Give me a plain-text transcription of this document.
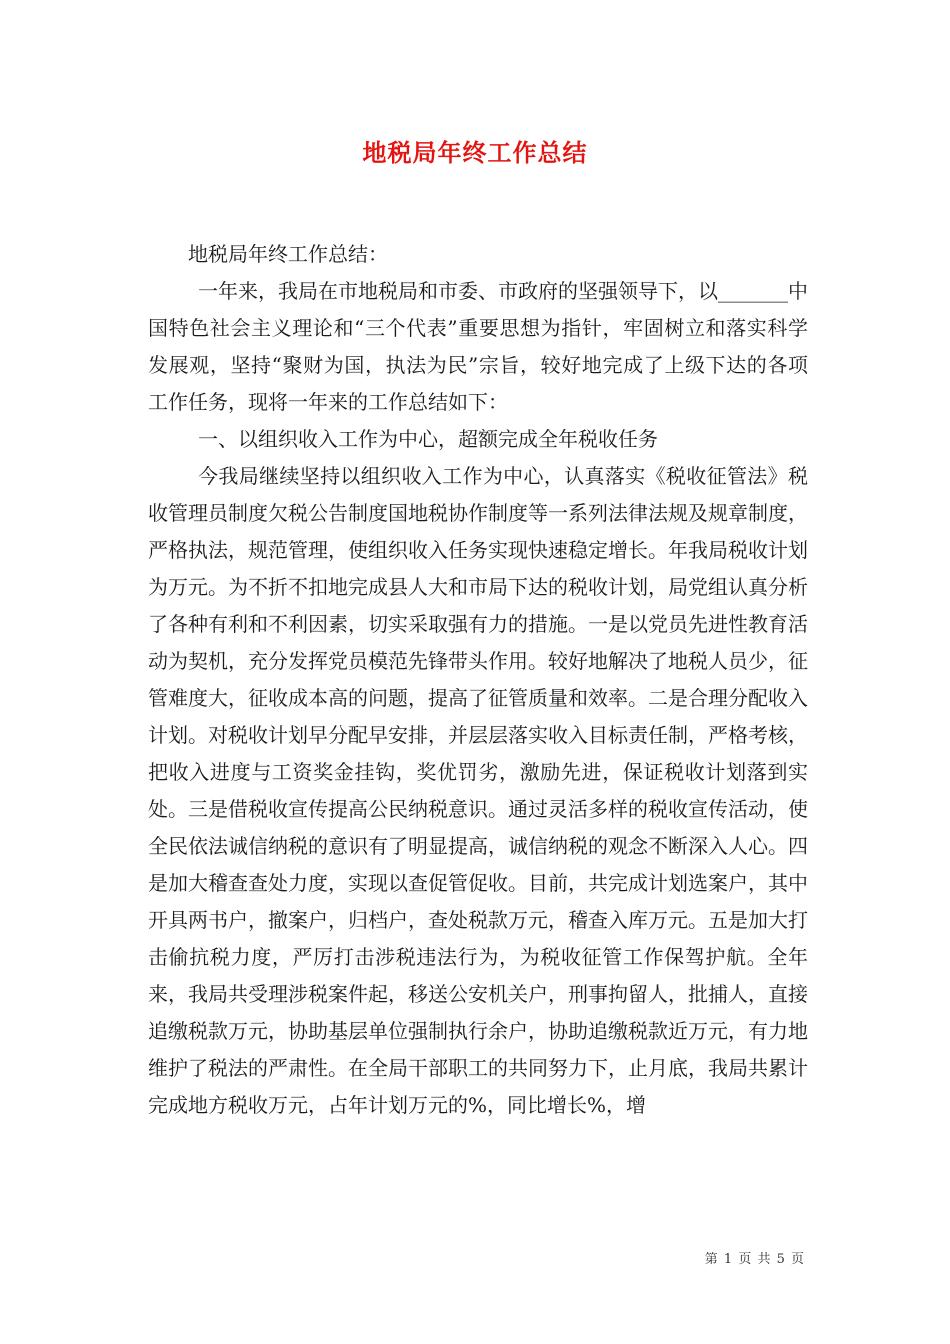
地税局年终工作总结

地税局年终工作总结：

一年来，我局在市地税局和市委、市政府的坚强领导下，以_______中国特色社会主义理论和“三个代表”重要思想为指针，牢固树立和落实科学发展观，坚持“聚财为国，执法为民”宗旨，较好地完成了上级下达的各项工作任务，现将一年来的工作总结如下：

一、以组织收入工作为中心，超额完成全年税收任务

今我局继续坚持以组织收入工作为中心，认真落实《税收征管法》税收管理员制度欠税公告制度国地税协作制度等一系列法律法规及规章制度，严格执法，规范管理，使组织收入任务实现快速稳定增长。年我局税收计划为万元。为不折不扣地完成县人大和市局下达的税收计划，局党组认真分析了各种有利和不利因素，切实采取强有力的措施。一是以党员先进性教育活动为契机，充分发挥党员模范先锋带头作用。较好地解决了地税人员少，征管难度大，征收成本高的问题，提高了征管质量和效率。二是合理分配收入计划。对税收计划早分配早安排，并层层落实收入目标责任制，严格考核，把收入进度与工资奖金挂钩，奖优罚劣，激励先进，保证税收计划落到实处。三是借税收宣传提高公民纳税意识。通过灵活多样的税收宣传活动，使全民依法诚信纳税的意识有了明显提高，诚信纳税的观念不断深入人心。四是加大稽查查处力度，实现以查促管促收。目前，共完成计划选案户，其中开具两书户，撤案户，归档户，查处税款万元，稽查入库万元。五是加大打击偷抗税力度，严厉打击涉税违法行为，为税收征管工作保驾护航。全年来，我局共受理涉税案件起，移送公安机关户，刑事拘留人，批捕人，直接追缴税款万元，协助基层单位强制执行余户，协助追缴税款近万元，有力地维护了税法的严肃性。在全局干部职工的共同努力下，止月底，我局共累计完成地方税收万元，占年计划万元的%，同比增长%，增

第 1 页 共 5 页
